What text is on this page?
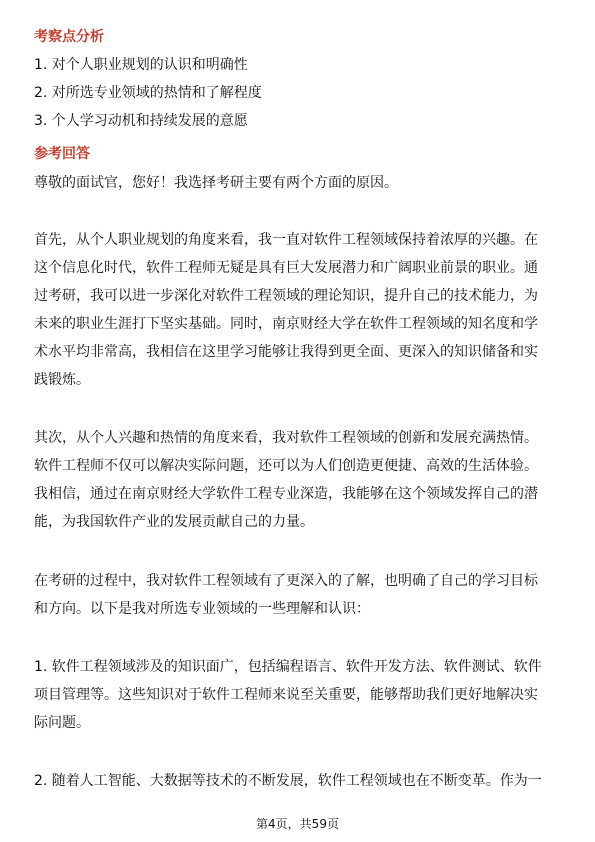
考察点分析
1. 对个人职业规划的认识和明确性
2. 对所选专业领域的热情和了解程度
3. 个人学习动机和持续发展的意愿
参考回答
尊敬的面试官，您好！我选择考研主要有两个方面的原因。
首先，从个人职业规划的角度来看，我一直对软件工程领域保持着浓厚的兴趣。在
这个信息化时代，软件工程师无疑是具有巨大发展潜力和广阔职业前景的职业。通
过考研，我可以进一步深化对软件工程领域的理论知识，提升自己的技术能力，为
未来的职业生涯打下坚实基础。同时，南京财经大学在软件工程领域的知名度和学
术水平均非常高，我相信在这里学习能够让我得到更全面、更深入的知识储备和实
践锻炼。
其次，从个人兴趣和热情的角度来看，我对软件工程领域的创新和发展充满热情。
软件工程师不仅可以解决实际问题，还可以为人们创造更便捷、高效的生活体验。
我相信，通过在南京财经大学软件工程专业深造，我能够在这个领域发挥自己的潜
能，为我国软件产业的发展贡献自己的力量。
在考研的过程中，我对软件工程领域有了更深入的了解，也明确了自己的学习目标
和方向。以下是我对所选专业领域的一些理解和认识：
1. 软件工程领域涉及的知识面广，包括编程语言、软件开发方法、软件测试、软件
项目管理等。这些知识对于软件工程师来说至关重要，能够帮助我们更好地解决实
际问题。
2. 随着人工智能、大数据等技术的不断发展，软件工程领域也在不断变革。作为一
第4页，共59页
